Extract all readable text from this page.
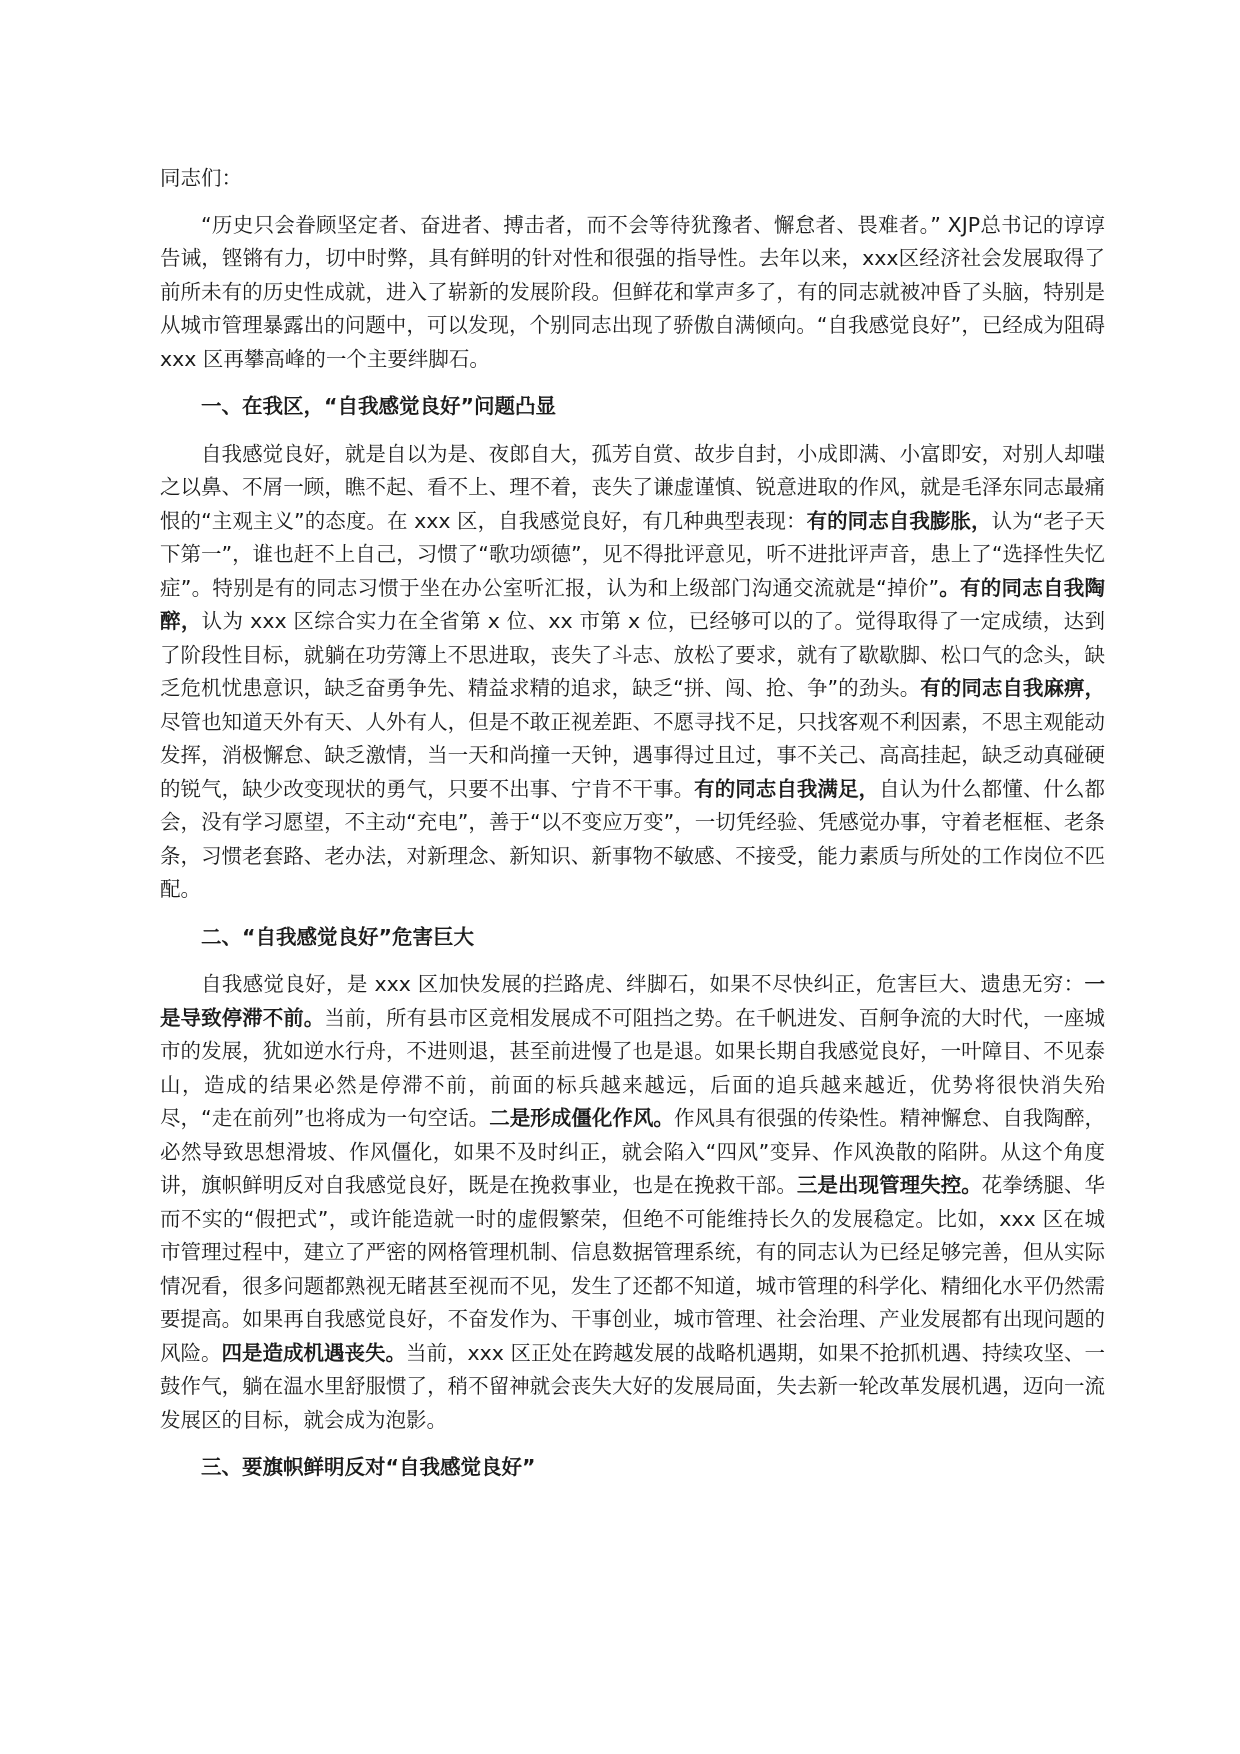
同志们：

“历史只会眷顾坚定者、奋进者、搏击者，而不会等待犹豫者、懈怠者、畏难者。” XJP总书记的谆谆告诫，铿锵有力，切中时弊，具有鲜明的针对性和很强的指导性。去年以来，xxx区经济社会发展取得了前所未有的历史性成就，进入了崭新的发展阶段。但鲜花和掌声多了，有的同志就被冲昏了头脑，特别是从城市管理暴露出的问题中，可以发现，个别同志出现了骄傲自满倾向。“自我感觉良好”，已经成为阻碍 xxx 区再攀高峰的一个主要绊脚石。

一、在我区，“自我感觉良好”问题凸显

自我感觉良好，就是自以为是、夜郎自大，孤芳自赏、故步自封，小成即满、小富即安，对别人却嗤之以鼻、不屑一顾，瞧不起、看不上、理不着，丧失了谦虚谨慎、锐意进取的作风，就是毛泽东同志最痛恨的“主观主义”的态度。在 xxx 区，自我感觉良好，有几种典型表现：有的同志自我膨胀，认为“老子天下第一”，谁也赶不上自己，习惯了“歌功颂德”，见不得批评意见，听不进批评声音，患上了“选择性失忆症”。特别是有的同志习惯于坐在办公室听汇报，认为和上级部门沟通交流就是“掉价”。有的同志自我陶醉，认为 xxx 区综合实力在全省第 x 位、xx 市第 x 位，已经够可以的了。觉得取得了一定成绩，达到了阶段性目标，就躺在功劳簿上不思进取，丧失了斗志、放松了要求，就有了歇歇脚、松口气的念头，缺乏危机忧患意识，缺乏奋勇争先、精益求精的追求，缺乏“拼、闯、抢、争”的劲头。有的同志自我麻痹，尽管也知道天外有天、人外有人，但是不敢正视差距、不愿寻找不足，只找客观不利因素，不思主观能动发挥，消极懈怠、缺乏激情，当一天和尚撞一天钟，遇事得过且过，事不关己、高高挂起，缺乏动真碰硬的锐气，缺少改变现状的勇气，只要不出事、宁肯不干事。有的同志自我满足，自认为什么都懂、什么都会，没有学习愿望，不主动“充电”，善于“以不变应万变”，一切凭经验、凭感觉办事，守着老框框、老条条，习惯老套路、老办法，对新理念、新知识、新事物不敏感、不接受，能力素质与所处的工作岗位不匹配。

二、“自我感觉良好”危害巨大

自我感觉良好，是 xxx 区加快发展的拦路虎、绊脚石，如果不尽快纠正，危害巨大、遗患无穷：一是导致停滞不前。当前，所有县市区竞相发展成不可阻挡之势。在千帆进发、百舸争流的大时代，一座城市的发展，犹如逆水行舟，不进则退，甚至前进慢了也是退。如果长期自我感觉良好，一叶障目、不见泰山，造成的结果必然是停滞不前，前面的标兵越来越远，后面的追兵越来越近，优势将很快消失殆尽，“走在前列”也将成为一句空话。二是形成僵化作风。作风具有很强的传染性。精神懈怠、自我陶醉，必然导致思想滑坡、作风僵化，如果不及时纠正，就会陷入“四风”变异、作风涣散的陷阱。从这个角度讲，旗帜鲜明反对自我感觉良好，既是在挽救事业，也是在挽救干部。三是出现管理失控。花拳绣腿、华而不实的“假把式”，或许能造就一时的虚假繁荣，但绝不可能维持长久的发展稳定。比如，xxx 区在城市管理过程中，建立了严密的网格管理机制、信息数据管理系统，有的同志认为已经足够完善，但从实际情况看，很多问题都熟视无睹甚至视而不见，发生了还都不知道，城市管理的科学化、精细化水平仍然需要提高。如果再自我感觉良好，不奋发作为、干事创业，城市管理、社会治理、产业发展都有出现问题的风险。四是造成机遇丧失。当前，xxx 区正处在跨越发展的战略机遇期，如果不抢抓机遇、持续攻坚、一鼓作气，躺在温水里舒服惯了，稍不留神就会丧失大好的发展局面，失去新一轮改革发展机遇，迈向一流发展区的目标，就会成为泡影。

三、要旗帜鲜明反对“自我感觉良好”
